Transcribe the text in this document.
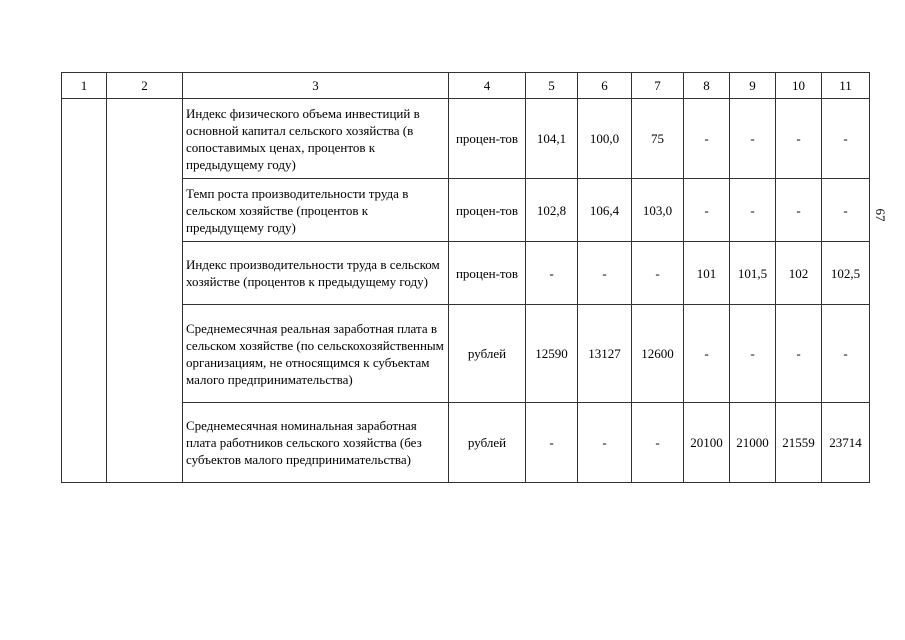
1	2	3	4	5	6	7	8	9	10	11
		Индекс физического объема инвестиций в основной капитал сельского хозяйства (в сопоставимых ценах, процентов к предыдущему году)	процен-тов	104,1	100,0	75	-	-	-	-
		Темп роста производительности труда в сельском хозяйстве (процентов к предыдущему году)	процен-тов	102,8	106,4	103,0	-	-	-	-
		Индекс производительности труда в сельском хозяйстве (процентов к предыдущему году)	процен-тов	-	-	-	101	101,5	102	102,5
		Среднемесячная реальная заработная плата в сельском хозяйстве (по сельскохозяйственным организациям, не относящимся к субъектам малого предпринимательства)	рублей	12590	13127	12600	-	-	-	-
		Среднемесячная номинальная заработная плата работников сельского хозяйства (без субъектов малого предпринимательства)	рублей	-	-	-	20100	21000	21559	23714
67
